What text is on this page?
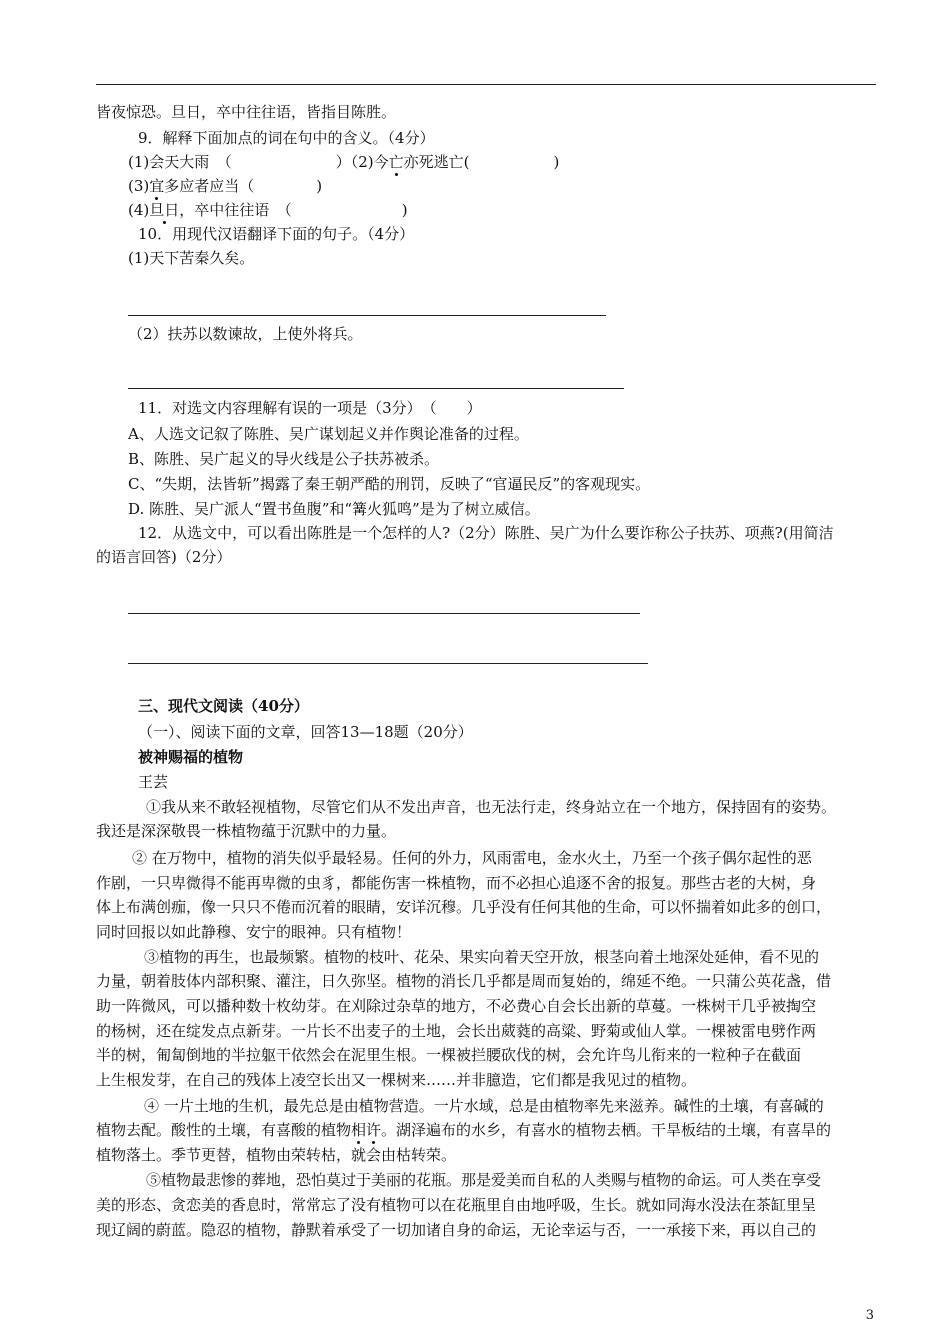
皆夜惊恐。旦日，卒中往往语，皆指目陈胜。
9．解释下面加点的词在句中的含义。（4分）
(1)会天大雨　（	）（2)今亡亦死逃亡(	)
(3)宜多应者应当（	)
(4)旦日，卒中往往语　（	)
10．用现代汉语翻译下面的句子。（4分）
(1)天下苦秦久矣。
（2）扶苏以数谏故，上使外将兵。
11．对选文内容理解有误的一项是（3分）　（　　）
A、人选文记叙了陈胜、吴广谋划起义并作舆论准备的过程。
B、陈胜、吴广起义的导火线是公子扶苏被杀。
C、“失期，法皆斩”揭露了秦王朝严酷的刑罚，反映了“官逼民反”的客观现实。
D. 陈胜、吴广派人“置书鱼腹”和“篝火狐鸣”是为了树立威信。
12．从选文中，可以看出陈胜是一个怎样的人?（2分）陈胜、吴广为什么要诈称公子扶苏、项燕?(用简洁
的语言回答)（2分）
三、现代文阅读（40分）
（一）、阅读下面的文章，回答13—18题（20分）
被神赐福的植物
王芸
①我从来不敢轻视植物，尽管它们从不发出声音，也无法行走，终身站立在一个地方，保持固有的姿势。
我还是深深敬畏一株植物蕴于沉默中的力量。
② 在万物中，植物的消失似乎最轻易。任何的外力，风雨雷电，金水火土，乃至一个孩子偶尔起性的恶
作剧，一只卑微得不能再卑微的虫豸，都能伤害一株植物，而不必担心追逐不舍的报复。那些古老的大树，身
体上布满创痂，像一只只不倦而沉着的眼睛，安详沉穆。几乎没有任何其他的生命，可以怀揣着如此多的创口，
同时回报以如此静穆、安宁的眼神。只有植物！
③植物的再生，也最频繁。植物的枝叶、花朵、果实向着天空开放，根茎向着土地深处延伸，看不见的
力量，朝着肢体内部积聚、灌注，日久弥坚。植物的消长几乎都是周而复始的，绵延不绝。一只蒲公英花盏，借
助一阵微风，可以播种数十枚幼芽。在刈除过杂草的地方，不必费心自会长出新的草蔓。一株树干几乎被掏空
的杨树，还在绽发点点新芽。一片长不出麦子的土地，会长出葳蕤的高粱、野菊或仙人掌。一棵被雷电劈作两
半的树，匍匐倒地的半拉躯干依然会在泥里生根。一棵被拦腰砍伐的树，会允许鸟儿衔来的一粒种子在截面
上生根发芽，在自己的残体上凌空长出又一棵树来……并非臆造，它们都是我见过的植物。
④ 一片土地的生机，最先总是由植物营造。一片水域，总是由植物率先来滋养。碱性的土壤，有喜碱的
植物去配。酸性的土壤，有喜酸的植物相许。湖泽遍布的水乡，有喜水的植物去栖。干旱板结的土壤，有喜旱的
植物落土。季节更替，植物由荣转枯，就会由枯转荣。
⑤植物最悲惨的葬地，恐怕莫过于美丽的花瓶。那是爱美而自私的人类赐与植物的命运。可人类在享受
美的形态、贪恋美的香息时，常常忘了没有植物可以在花瓶里自由地呼吸，生长。就如同海水没法在茶缸里呈
现辽阔的蔚蓝。隐忍的植物，静默着承受了一切加诸自身的命运，无论幸运与否，一一承接下来，再以自己的
3
